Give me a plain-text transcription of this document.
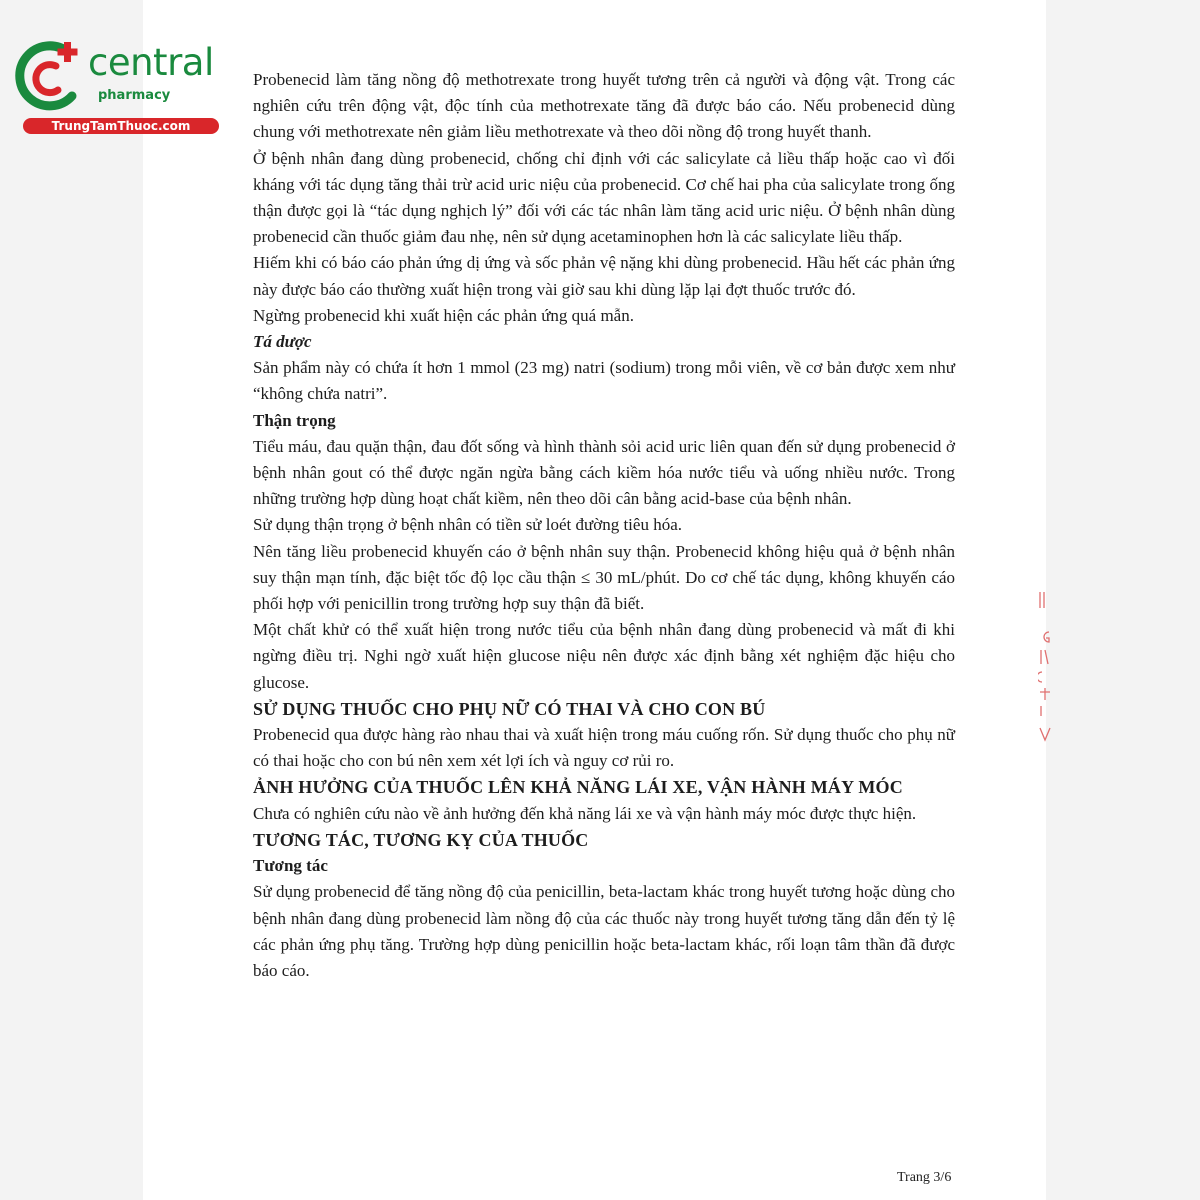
central
pharmacy
TrungTamThuoc.com

Probenecid làm tăng nồng độ methotrexate trong huyết tương trên cả người và động vật. Trong các nghiên cứu trên động vật, độc tính của methotrexate tăng đã được báo cáo. Nếu probenecid dùng chung với methotrexate nên giảm liều methotrexate và theo dõi nồng độ trong huyết thanh.

Ở bệnh nhân đang dùng probenecid, chống chỉ định với các salicylate cả liều thấp hoặc cao vì đối kháng với tác dụng tăng thải trừ acid uric niệu của probenecid. Cơ chế hai pha của salicylate trong ống thận được gọi là “tác dụng nghịch lý” đối với các tác nhân làm tăng acid uric niệu. Ở bệnh nhân dùng probenecid cần thuốc giảm đau nhẹ, nên sử dụng acetaminophen hơn là các salicylate liều thấp.

Hiếm khi có báo cáo phản ứng dị ứng và sốc phản vệ nặng khi dùng probenecid. Hầu hết các phản ứng này được báo cáo thường xuất hiện trong vài giờ sau khi dùng lặp lại đợt thuốc trước đó.

Ngừng probenecid khi xuất hiện các phản ứng quá mẫn.

Tá dược

Sản phẩm này có chứa ít hơn 1 mmol (23 mg) natri (sodium) trong mỗi viên, về cơ bản được xem như “không chứa natri”.

Thận trọng

Tiểu máu, đau quặn thận, đau đốt sống và hình thành sỏi acid uric liên quan đến sử dụng probenecid ở bệnh nhân gout có thể được ngăn ngừa bằng cách kiềm hóa nước tiểu và uống nhiều nước. Trong những trường hợp dùng hoạt chất kiềm, nên theo dõi cân bằng acid-base của bệnh nhân.

Sử dụng thận trọng ở bệnh nhân có tiền sử loét đường tiêu hóa.

Nên tăng liều probenecid khuyến cáo ở bệnh nhân suy thận. Probenecid không hiệu quả ở bệnh nhân suy thận mạn tính, đặc biệt tốc độ lọc cầu thận ≤ 30 mL/phút. Do cơ chế tác dụng, không khuyến cáo phối hợp với penicillin trong trường hợp suy thận đã biết.

Một chất khử có thể xuất hiện trong nước tiểu của bệnh nhân đang dùng probenecid và mất đi khi ngừng điều trị. Nghi ngờ xuất hiện glucose niệu nên được xác định bằng xét nghiệm đặc hiệu cho glucose.

SỬ DỤNG THUỐC CHO PHỤ NỮ CÓ THAI VÀ CHO CON BÚ

Probenecid qua được hàng rào nhau thai và xuất hiện trong máu cuống rốn. Sử dụng thuốc cho phụ nữ có thai hoặc cho con bú nên xem xét lợi ích và nguy cơ rủi ro.

ẢNH HƯỞNG CỦA THUỐC LÊN KHẢ NĂNG LÁI XE, VẬN HÀNH MÁY MÓC

Chưa có nghiên cứu nào về ảnh hưởng đến khả năng lái xe và vận hành máy móc được thực hiện.

TƯƠNG TÁC, TƯƠNG KỴ CỦA THUỐC
Tương tác

Sử dụng probenecid để tăng nồng độ của penicillin, beta-lactam khác trong huyết tương hoặc dùng cho bệnh nhân đang dùng probenecid làm nồng độ của các thuốc này trong huyết tương tăng dẫn đến tỷ lệ các phản ứng phụ tăng. Trường hợp dùng penicillin hoặc beta-lactam khác, rối loạn tâm thần đã được báo cáo.

Trang 3/6
